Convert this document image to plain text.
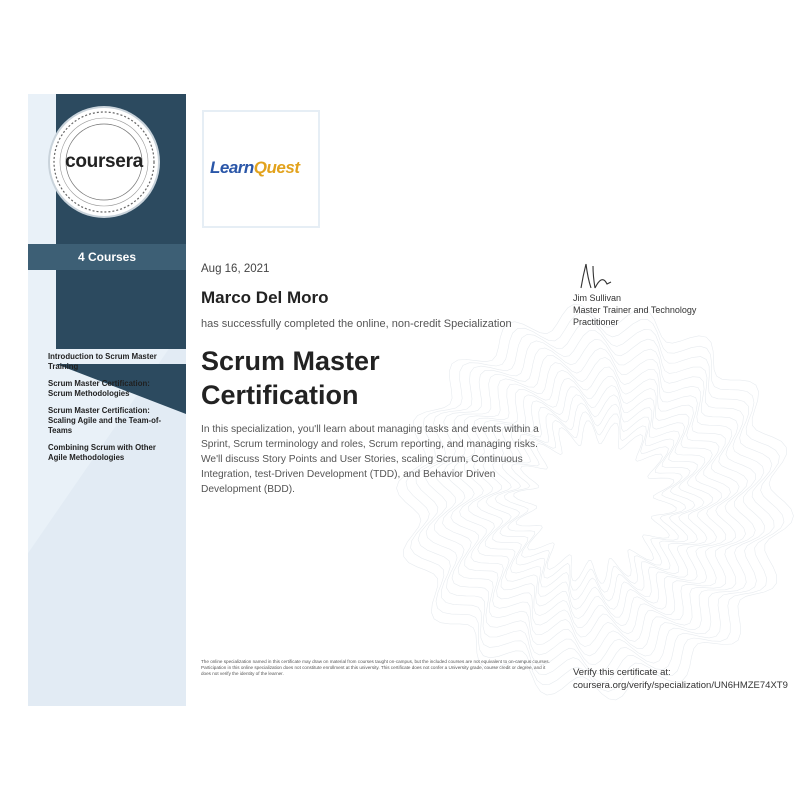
4 Courses
coursera
Introduction to Scrum Master Training
Scrum Master Certification: Scrum Methodologies
Scrum Master Certification: Scaling Agile and the Team-of-Teams
Combining Scrum with Other Agile Methodologies
LearnQuest
Aug 16, 2021
Marco Del Moro
has successfully completed the online, non-credit Specialization
Scrum Master Certification
In this specialization, you'll learn about managing tasks and events within a Sprint, Scrum terminology and roles, Scrum reporting, and managing risks. We'll discuss Story Points and User Stories, scaling Scrum, Continuous Integration, test-Driven Development (TDD), and Behavior Driven Development (BDD).
Jim Sullivan
Master Trainer and Technology Practitioner
The online specialization named in this certificate may draw on material from courses taught on-campus, but the included courses are not equivalent to on-campus courses. Participation in this online specialization does not constitute enrollment at this university. This certificate does not confer a University grade, course credit or degree, and it does not verify the identity of the learner.	Verify this certificate at:
coursera.org/verify/specialization/UN6HMZE74XT9
